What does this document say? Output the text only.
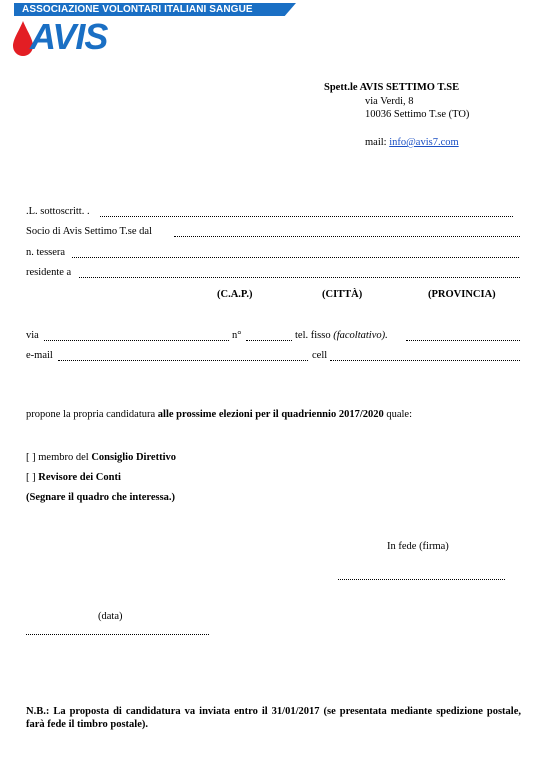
ASSOCIAZIONE VOLONTARI ITALIANI SANGUE
AVIS
Spett.le AVIS SETTIMO T.SE
via Verdi, 8
10036 Settimo T.se (TO)
mail: info@avis7.com
.L. sottoscritt. .
Socio di Avis Settimo T.se dal
n. tessera
residente a
(C.A.P.)	(CITTÀ)	(PROVINCIA)
via	n°	tel. fisso (facoltativo).
e-mail	cell
propone la propria candidatura alle prossime elezioni per il quadriennio 2017/2020 quale:
[ ] membro del Consiglio Direttivo
[ ] Revisore dei Conti
(Segnare il quadro che interessa.)
In fede (firma)
(data)
N.B.: La proposta di candidatura va inviata entro il 31/01/2017 (se presentata mediante spedizione postale, farà fede il timbro postale).
